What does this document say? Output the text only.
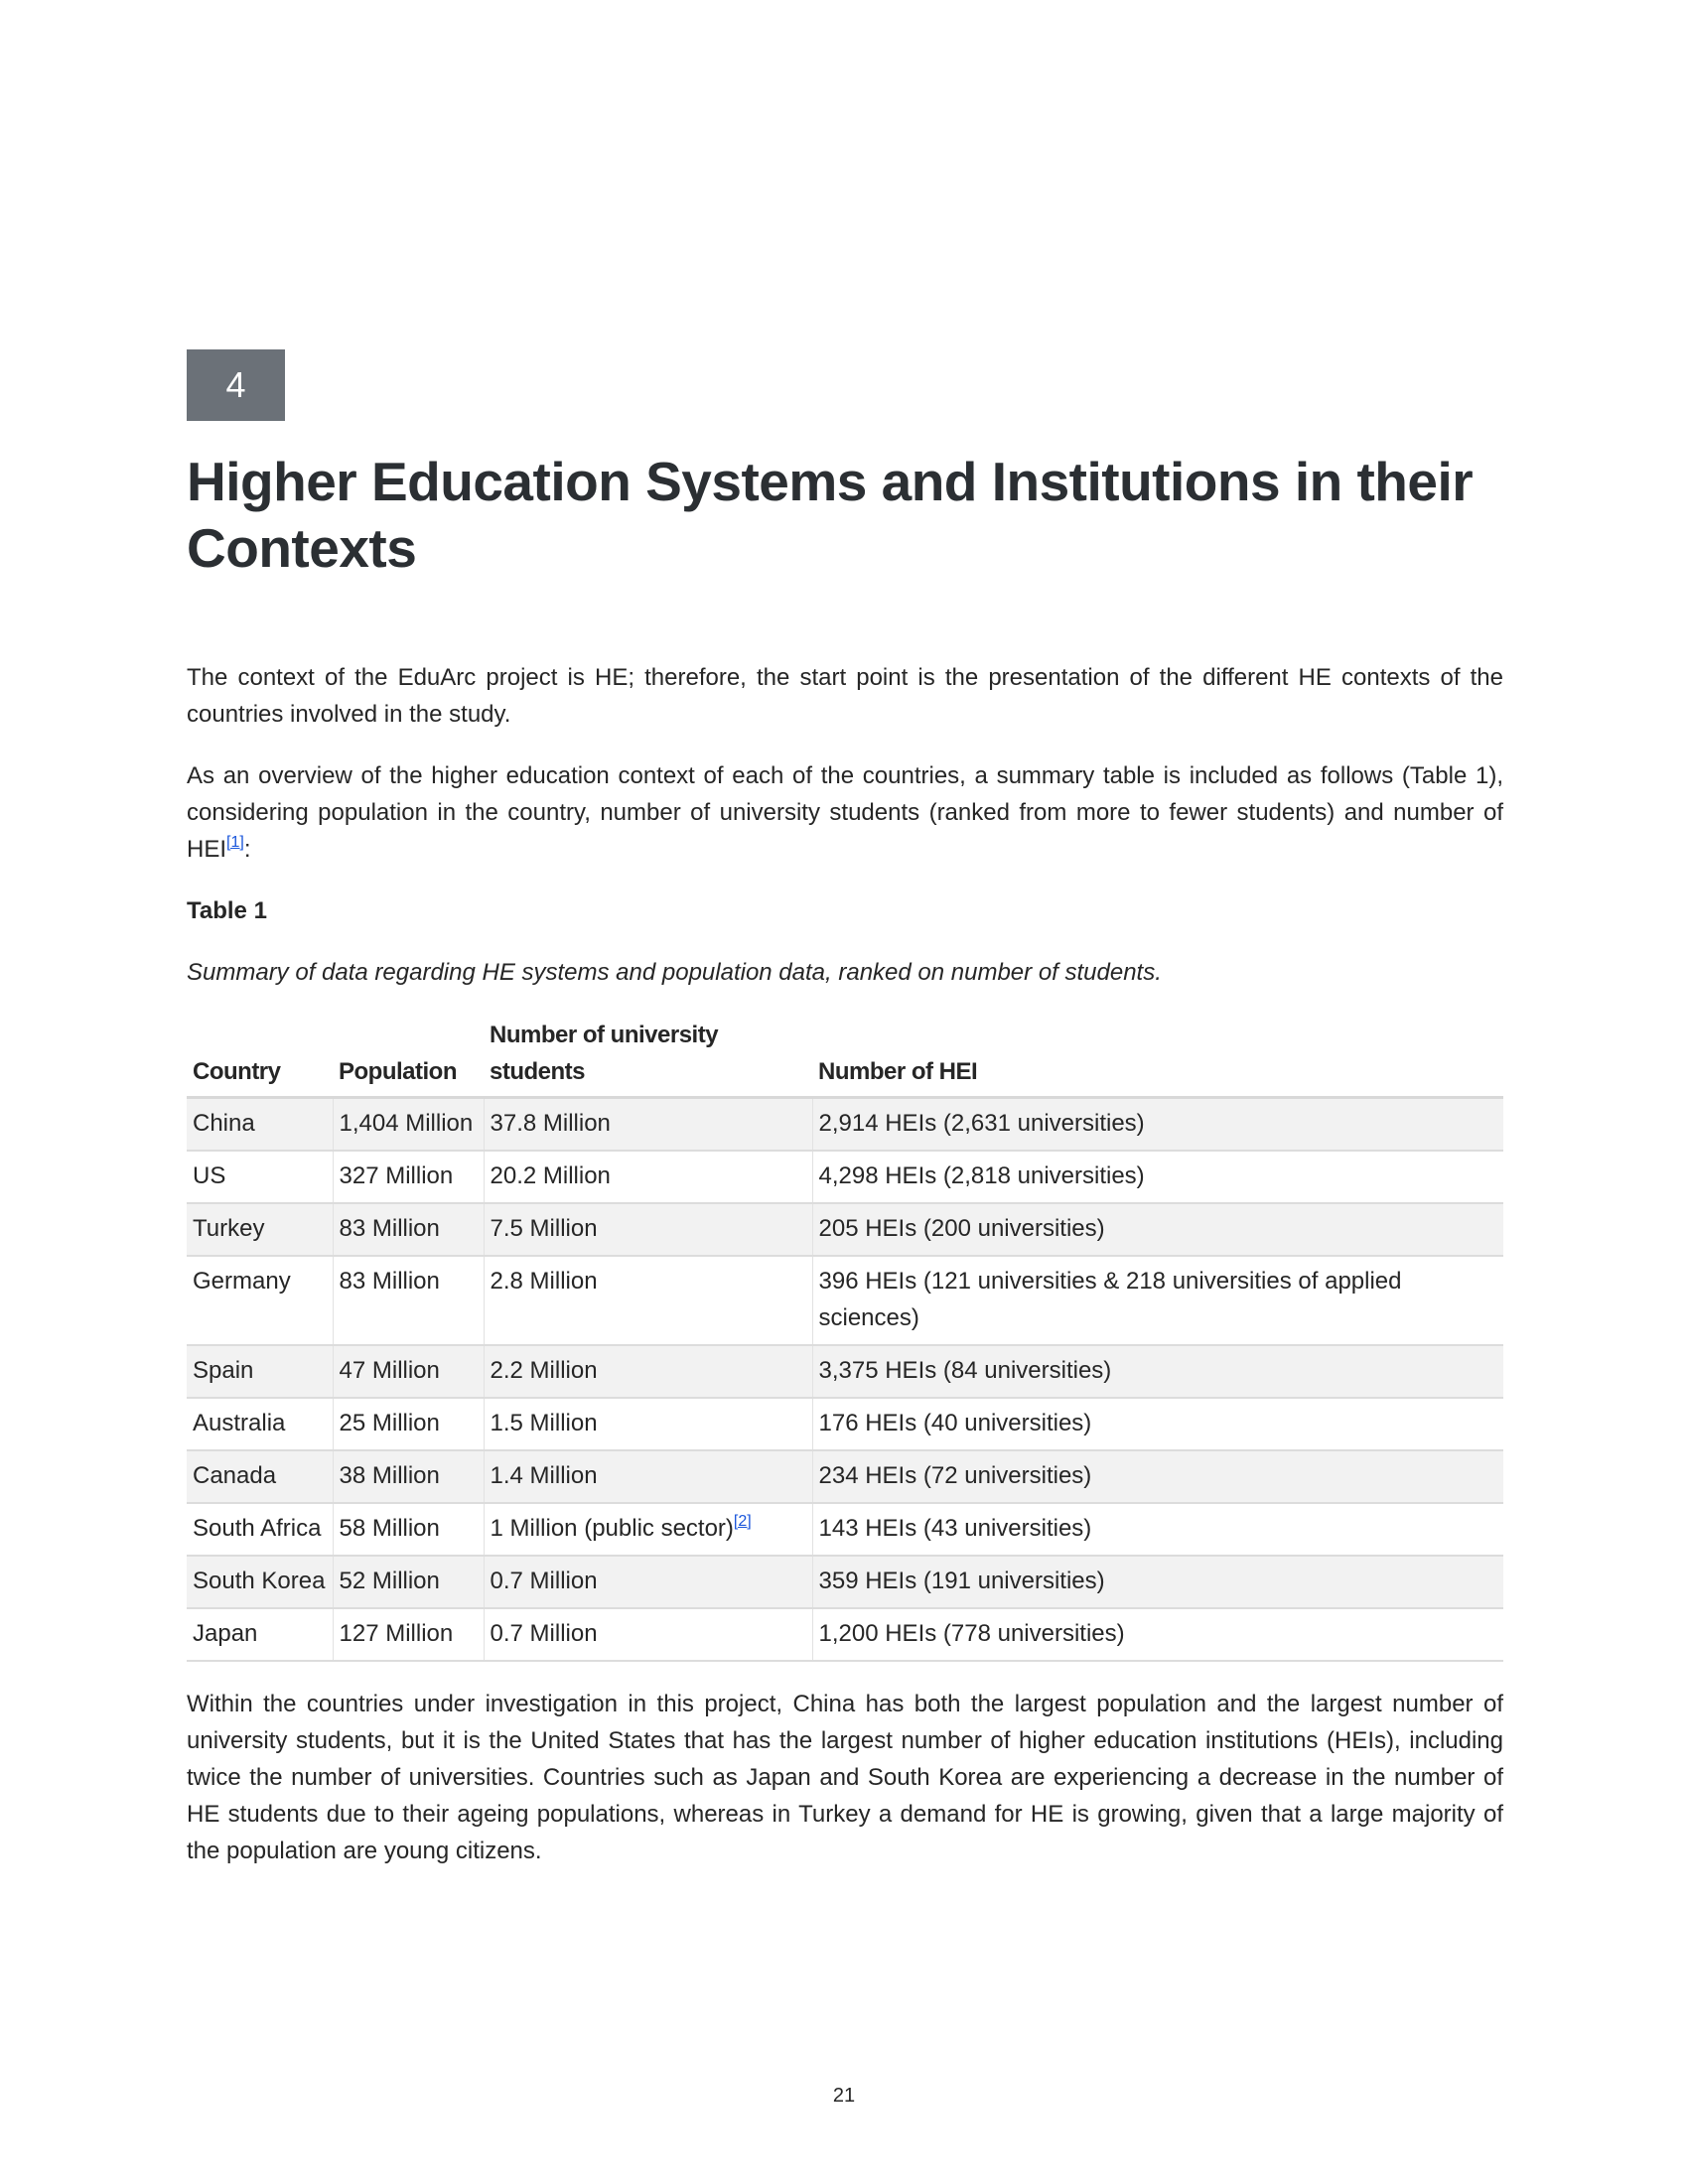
4
Higher Education Systems and Institutions in their Contexts

The context of the EduArc project is HE; therefore, the start point is the presentation of the different HE contexts of the countries involved in the study.

As an overview of the higher education context of each of the countries, a summary table is included as follows (Table 1), considering population in the country, number of university students (ranked from more to fewer students) and number of HEI[1]:

Table 1

Summary of data regarding HE systems and population data, ranked on number of students.

Country	Population	Number of university students	Number of HEI
China	1,404 Million	37.8 Million	2,914 HEIs (2,631 universities)
US	327 Million	20.2 Million	4,298 HEIs (2,818 universities)
Turkey	83 Million	7.5 Million	205 HEIs (200 universities)
Germany	83 Million	2.8 Million	396 HEIs (121 universities & 218 universities of applied sciences)
Spain	47 Million	2.2 Million	3,375 HEIs (84 universities)
Australia	25 Million	1.5 Million	176 HEIs (40 universities)
Canada	38 Million	1.4 Million	234 HEIs (72 universities)
South Africa	58 Million	1 Million (public sector)[2]	143 HEIs (43 universities)
South Korea	52 Million	0.7 Million	359 HEIs (191 universities)
Japan	127 Million	0.7 Million	1,200 HEIs (778 universities)

Within the countries under investigation in this project, China has both the largest population and the largest number of university students, but it is the United States that has the largest number of higher education institutions (HEIs), including twice the number of universities. Countries such as Japan and South Korea are experiencing a decrease in the number of HE students due to their ageing populations, whereas in Turkey a demand for HE is growing, given that a large majority of the population are young citizens.

21
